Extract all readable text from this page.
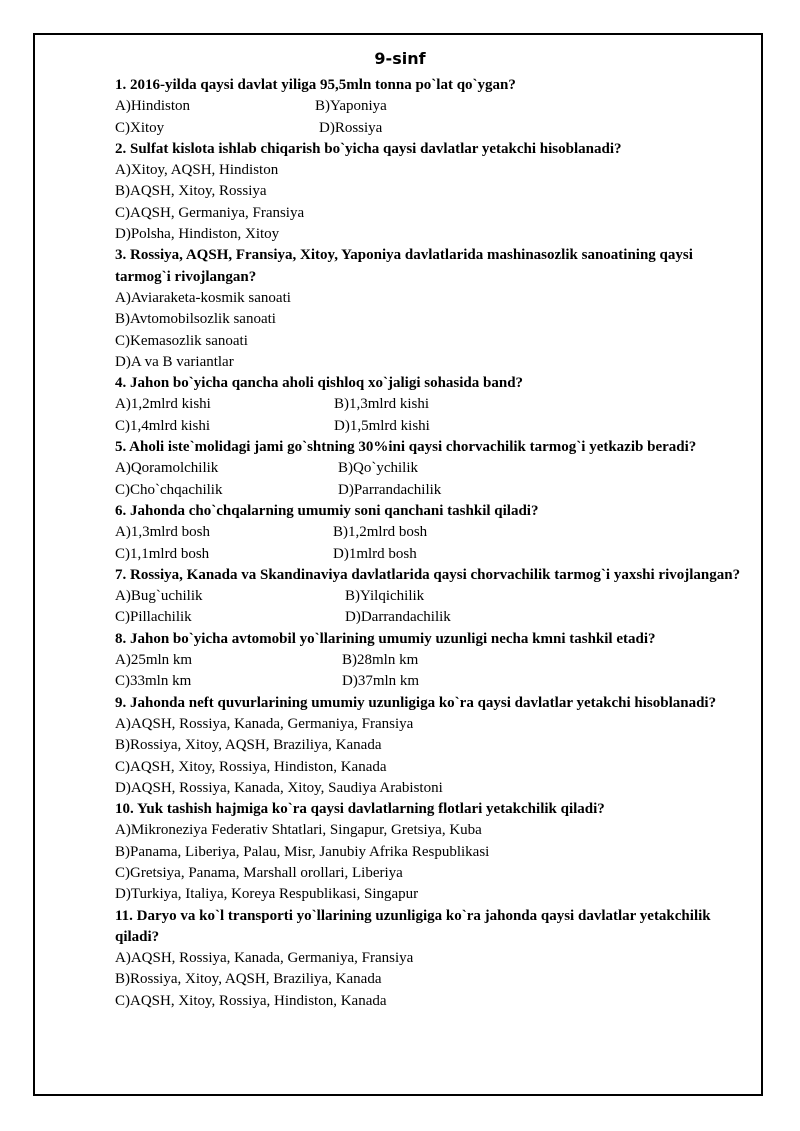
9-sinf
1. 2016-yilda qaysi davlat yiliga 95,5mln tonna po`lat qo`ygan?
A)Hindiston	B)Yaponiya
C)Xitoy	D)Rossiya
2. Sulfat kislota ishlab chiqarish bo`yicha qaysi davlatlar yetakchi hisoblanadi?
A)Xitoy, AQSH, Hindiston
B)AQSH, Xitoy, Rossiya
C)AQSH, Germaniya, Fransiya
D)Polsha, Hindiston, Xitoy
3. Rossiya, AQSH, Fransiya, Xitoy, Yaponiya davlatlarida mashinasozlik sanoatining qaysi tarmog`i rivojlangan?
A)Aviaraketa-kosmik sanoati
B)Avtomobilsozlik sanoati
C)Kemasozlik sanoati
D)A va B variantlar
4. Jahon bo`yicha qancha aholi qishloq xo`jaligi sohasida band?
A)1,2mlrd kishi	B)1,3mlrd kishi
C)1,4mlrd kishi	D)1,5mlrd kishi
5. Aholi iste`molidagi jami go`shtning 30%ini qaysi chorvachilik tarmog`i yetkazib beradi?
A)Qoramolchilik	B)Qo`ychilik
C)Cho`chqachilik	D)Parrandachilik
6. Jahonda cho`chqalarning umumiy soni qanchani tashkil qiladi?
A)1,3mlrd bosh	B)1,2mlrd bosh
C)1,1mlrd bosh	D)1mlrd bosh
7. Rossiya, Kanada va Skandinaviya davlatlarida qaysi chorvachilik tarmog`i yaxshi rivojlangan?
A)Bug`uchilik	B)Yilqichilik
C)Pillachilik	D)Darrandachilik
8. Jahon bo`yicha avtomobil yo`llarining umumiy uzunligi necha kmni tashkil etadi?
A)25mln km	B)28mln km
C)33mln km	D)37mln km
9. Jahonda neft quvurlarining umumiy uzunligiga ko`ra qaysi davlatlar yetakchi hisoblanadi?
A)AQSH, Rossiya, Kanada, Germaniya, Fransiya
B)Rossiya, Xitoy, AQSH, Braziliya, Kanada
C)AQSH, Xitoy, Rossiya, Hindiston, Kanada
D)AQSH, Rossiya, Kanada, Xitoy, Saudiya Arabistoni
10. Yuk tashish hajmiga ko`ra qaysi davlatlarning flotlari yetakchilik qiladi?
A)Mikroneziya Federativ Shtatlari, Singapur, Gretsiya, Kuba
B)Panama, Liberiya, Palau, Misr, Janubiy Afrika Respublikasi
C)Gretsiya, Panama, Marshall orollari, Liberiya
D)Turkiya, Italiya, Koreya Respublikasi, Singapur
11. Daryo va ko`l transporti yo`llarining uzunligiga ko`ra jahonda qaysi davlatlar yetakchilik qiladi?
A)AQSH, Rossiya, Kanada, Germaniya, Fransiya
B)Rossiya, Xitoy, AQSH, Braziliya, Kanada
C)AQSH, Xitoy, Rossiya, Hindiston, Kanada
